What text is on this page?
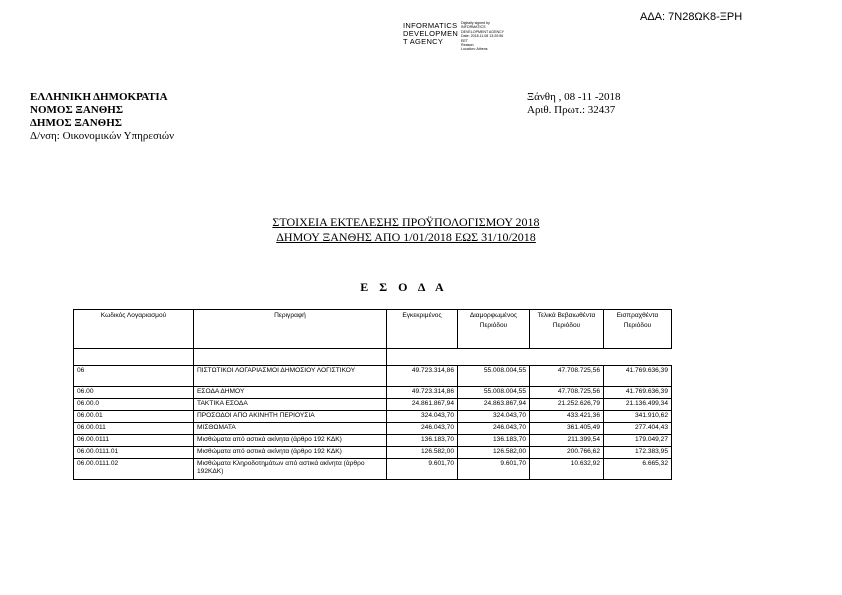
ΑΔΑ: 7Ν28ΩΚ8-ΞΡΗ
INFORMATICS
DEVELOPMEN
T AGENCY
Digitally signed by
INFORMATICS
DEVELOPMENT AGENCY
Date: 2018.11.08 13:20:56
EET
Reason:
Location: Athens
ΕΛΛΗΝΙΚΗ ΔΗΜΟΚΡΑΤΙΑ
ΝΟΜΟΣ ΞΑΝΘΗΣ
ΔΗΜΟΣ ΞΑΝΘΗΣ
Δ/νση: Οικονομικών Υπηρεσιών
Ξάνθη , 08 -11 -2018
Αριθ. Πρωτ.: 32437
ΣΤΟΙΧΕΙΑ ΕΚΤΕΛΕΣΗΣ ΠΡΟΫΠΟΛΟΓΙΣΜΟΥ 2018
ΔΗΜΟΥ ΞΑΝΘΗΣ ΑΠΟ 1/01/2018 ΕΩΣ 31/10/2018
Ε Σ Ο Δ Α
Κωδικός Λογαριασμού	Περιγραφή	Εγκεκριμένος	Διαμορφωμένος Περιόδου	Τελικά Βεβαιωθέντα Περιόδου	Εισπραχθέντα Περιόδου

06	ΠΙΣΤΩΤΙΚΟΙ ΛΟΓΑΡΙΑΣΜΟΙ ΔΗΜΟΣΙΟΥ ΛΟΓΙΣΤΙΚΟΥ	49.723.314,86	55.008.004,55	47.708.725,56	41.769.636,39
06.00	ΕΣΟΔΑ ΔΗΜΟΥ	49.723.314,86	55.008.004,55	47.708.725,56	41.769.636,39
06.00.0	ΤΑΚΤΙΚΑ ΕΣΟΔΑ	24.861.867,94	24.863.867,94	21.252.626,79	21.136.499,34
06.00.01	ΠΡΟΣΟΔΟΙ ΑΠΟ ΑΚΙΝΗΤΗ ΠΕΡΙΟΥΣΙΑ	324.043,70	324.043,70	433.421,36	341.910,62
06.00.011	ΜΙΣΘΩΜΑΤΑ	246.043,70	246.043,70	361.405,49	277.404,43
06.00.0111	Μισθώματα από αστικά ακίνητα (άρθρο 192 ΚΔΚ)	136.183,70	136.183,70	211.399,54	179.049,27
06.00.0111.01	Μισθώματα από αστικά ακίνητα (άρθρο 192 ΚΔΚ)	126.582,00	126.582,00	200.766,62	172.383,95
06.00.0111.02	Μισθώματα Κληροδοτημάτων από αστικά ακίνητα (άρθρο 192ΚΔΚ)	9.601,70	9.601,70	10.632,92	6.665,32
